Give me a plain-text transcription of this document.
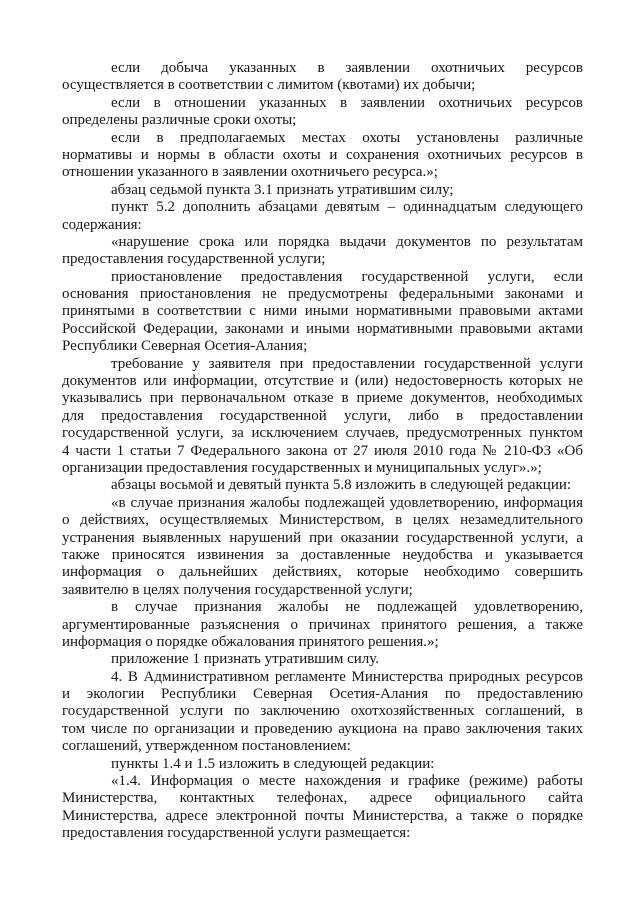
если добыча указанных в заявлении охотничьих ресурсов
осуществляется в соответствии с лимитом (квотами) их добычи;
если в отношении указанных в заявлении охотничьих ресурсов
определены различные сроки охоты;
если в предполагаемых местах охоты установлены различные
нормативы и нормы в области охоты и сохранения охотничьих ресурсов в
отношении указанного в заявлении охотничьего ресурса.»;
абзац седьмой пункта 3.1 признать утратившим силу;
пункт 5.2 дополнить абзацами девятым – одиннадцатым следующего
содержания:
«нарушение срока или порядка выдачи документов по результатам
предоставления государственной услуги;
приостановление предоставления государственной услуги, если
основания приостановления не предусмотрены федеральными законами и
принятыми в соответствии с ними иными нормативными правовыми актами
Российской Федерации, законами и иными нормативными правовыми актами
Республики Северная Осетия-Алания;
требование у заявителя при предоставлении государственной услуги
документов или информации, отсутствие и (или) недостоверность которых не
указывались при первоначальном отказе в приеме документов, необходимых
для предоставления государственной услуги, либо в предоставлении
государственной услуги, за исключением случаев, предусмотренных пунктом
4 части 1 статьи 7 Федерального закона от 27 июля 2010 года № 210-ФЗ «Об
организации предоставления государственных и муниципальных услуг».»;
абзацы восьмой и девятый пункта 5.8 изложить в следующей редакции:
«в случае признания жалобы подлежащей удовлетворению, информация
о действиях, осуществляемых Министерством, в целях незамедлительного
устранения выявленных нарушений при оказании государственной услуги, а
также приносятся извинения за доставленные неудобства и указывается
информация о дальнейших действиях, которые необходимо совершить
заявителю в целях получения государственной услуги;
в случае признания жалобы не подлежащей удовлетворению,
аргументированные разъяснения о причинах принятого решения, а также
информация о порядке обжалования принятого решения.»;
приложение 1 признать утратившим силу.
4. В Административном регламенте Министерства природных ресурсов
и экологии Республики Северная Осетия-Алания по предоставлению
государственной услуги по заключению охотхозяйственных соглашений, в
том числе по организации и проведению аукциона на право заключения таких
соглашений, утвержденном постановлением:
пункты 1.4 и 1.5 изложить в следующей редакции:
«1.4. Информация о месте нахождения и графике (режиме) работы
Министерства, контактных телефонах, адресе официального сайта
Министерства, адресе электронной почты Министерства, а также о порядке
предоставления государственной услуги размещается:
